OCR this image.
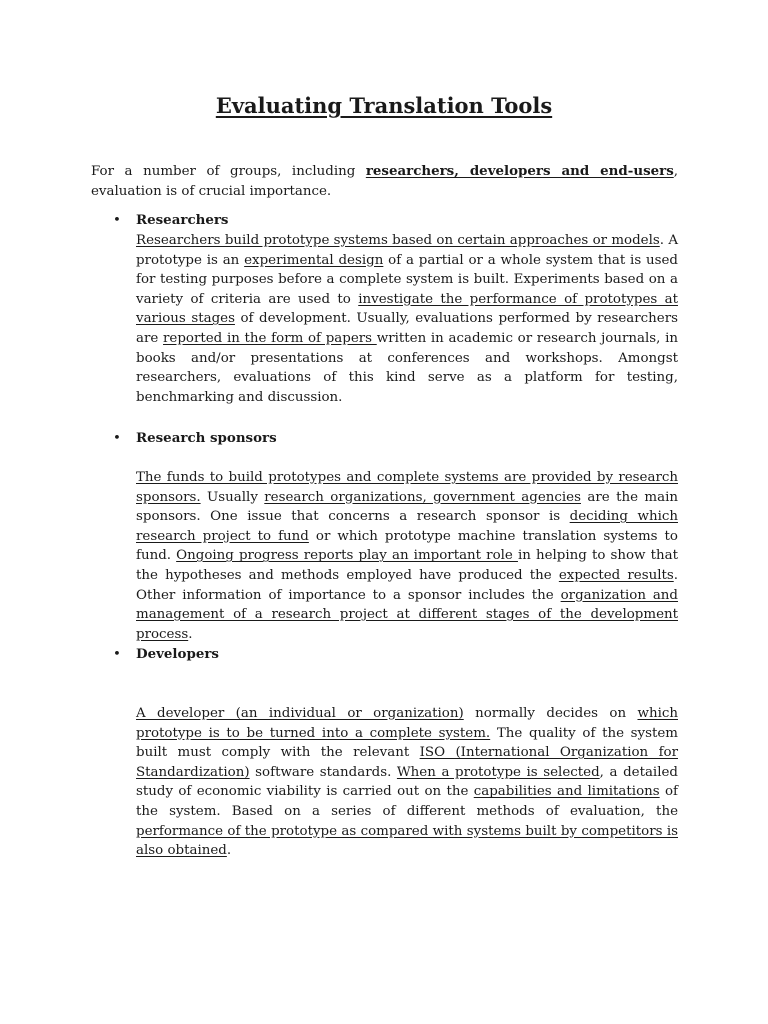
Evaluating Translation Tools

For a number of groups, including researchers, developers and end-users, evaluation is of crucial importance.

• Researchers

Researchers build prototype systems based on certain approaches or models. A prototype is an experimental design of a partial or a whole system that is used for testing purposes before a complete system is built. Experiments based on a variety of criteria are used to investigate the performance of prototypes at various stages of development. Usually, evaluations performed by researchers are reported in the form of papers written in academic or research journals, in books and/or presentations at conferences and workshops. Amongst researchers, evaluations of this kind serve as a platform for testing, benchmarking and discussion.

• Research sponsors

The funds to build prototypes and complete systems are provided by research sponsors. Usually research organizations, government agencies are the main sponsors. One issue that concerns a research sponsor is deciding which research project to fund or which prototype machine translation systems to fund. Ongoing progress reports play an important role in helping to show that the hypotheses and methods employed have produced the expected results. Other information of importance to a sponsor includes the organization and management of a research project at different stages of the development process.

• Developers

A developer (an individual or organization) normally decides on which prototype is to be turned into a complete system. The quality of the system built must comply with the relevant ISO (International Organization for Standardization) software standards. When a prototype is selected, a detailed study of economic viability is carried out on the capabilities and limitations of the system. Based on a series of different methods of evaluation, the performance of the prototype as compared with systems built by competitors is also obtained.
